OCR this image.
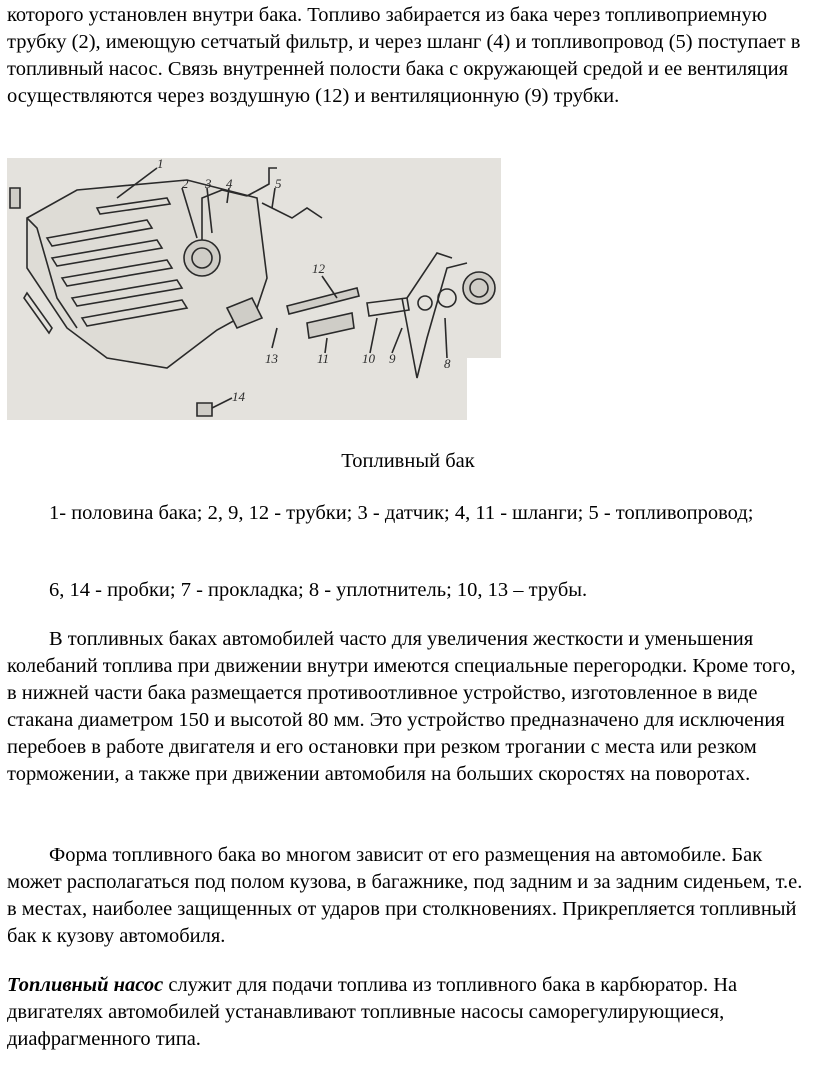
которого установлен внутри бака. Топливо забирается из бака через топливоприемную трубку (2), имеющую сетчатый фильтр, и через шланг (4) и топливопровод (5) поступает в топливный насос. Связь внутренней полости бака с окружающей средой и ее вентиляция осуществляются через воздушную (12) и вентиляционную (9) трубки.

1
2 3 4	5
12
13	11	10 9	8
14
Топливный бак

1- половина бака; 2, 9, 12 - трубки; 3 - датчик; 4, 11 - шланги; 5 - топливопровод;

6, 14 - пробки; 7 - прокладка; 8 - уплотнитель; 10, 13 – трубы.

В топливных баках автомобилей часто для увеличения жесткости и уменьшения колебаний топлива при движении внутри имеются специальные перегородки. Кроме того, в нижней части бака размещается противоотливное устройство, изготовленное в виде стакана диаметром 150 и высотой 80 мм. Это устройство предназначено для исключения перебоев в работе двигателя и его остановки при резком трогании с места или резком торможении, а также при движении автомобиля на больших скоростях на поворотах.

Форма топливного бака во многом зависит от его размещения на автомобиле. Бак может располагаться под полом кузова, в багажнике, под задним и за задним сиденьем, т.е. в местах, наиболее защищенных от ударов при столкновениях. Прикрепляется топливный бак к кузову автомобиля.

Топливный насос служит для подачи топлива из топливного бака в карбюратор. На двигателях автомобилей устанавливают топливные насосы саморегулирующиеся, диафрагменного типа.
